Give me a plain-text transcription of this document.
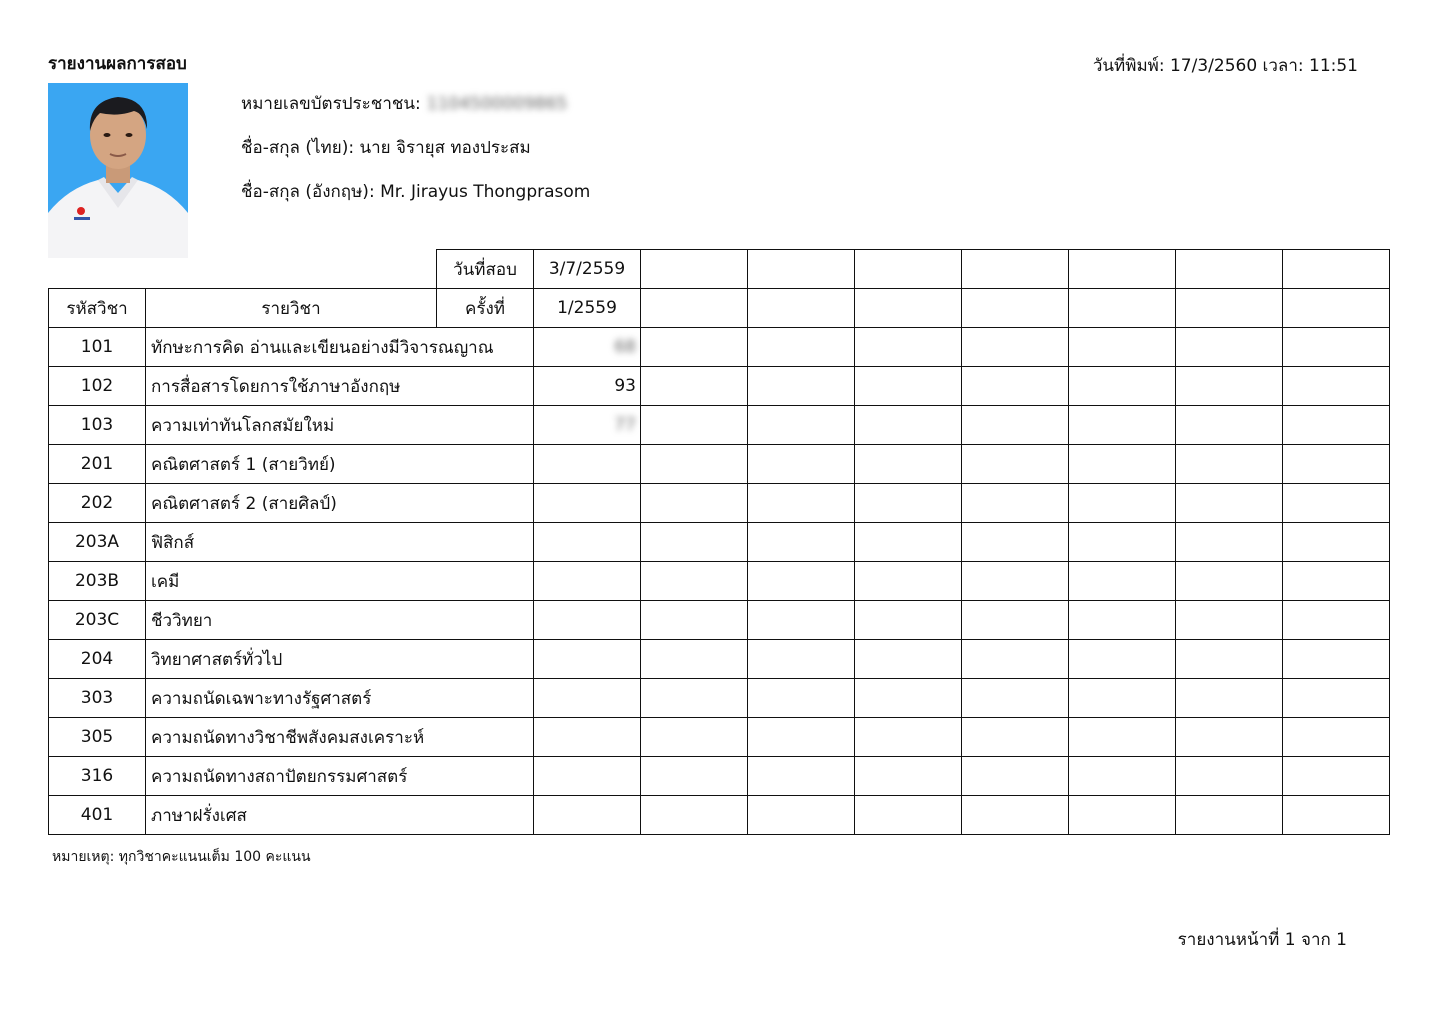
รายงานผลการสอบ	วันที่พิมพ์: 17/3/2560 เวลา: 11:51
หมายเลขบัตรประชาชน: 1104500009865
ชื่อ-สกุล (ไทย): นาย จิรายุส ทองประสม
ชื่อ-สกุล (อังกฤษ): Mr. Jirayus Thongprasom
		วันที่สอบ	3/7/2559							
รหัสวิชา	รายวิชา	ครั้งที่	1/2559							
101	ทักษะการคิด อ่านและเขียนอย่างมีวิจารณญาณ		68							
102	การสื่อสารโดยการใช้ภาษาอังกฤษ		93							
103	ความเท่าทันโลกสมัยใหม่		77							
201	คณิตศาสตร์ 1 (สายวิทย์)									
202	คณิตศาสตร์ 2 (สายศิลป์)									
203A	ฟิสิกส์									
203B	เคมี									
203C	ชีววิทยา									
204	วิทยาศาสตร์ทั่วไป									
303	ความถนัดเฉพาะทางรัฐศาสตร์									
305	ความถนัดทางวิชาชีพสังคมสงเคราะห์									
316	ความถนัดทางสถาปัตยกรรมศาสตร์									
401	ภาษาฝรั่งเศส									
หมายเหตุ: ทุกวิชาคะแนนเต็ม 100 คะแนน
รายงานหน้าที่ 1 จาก 1
